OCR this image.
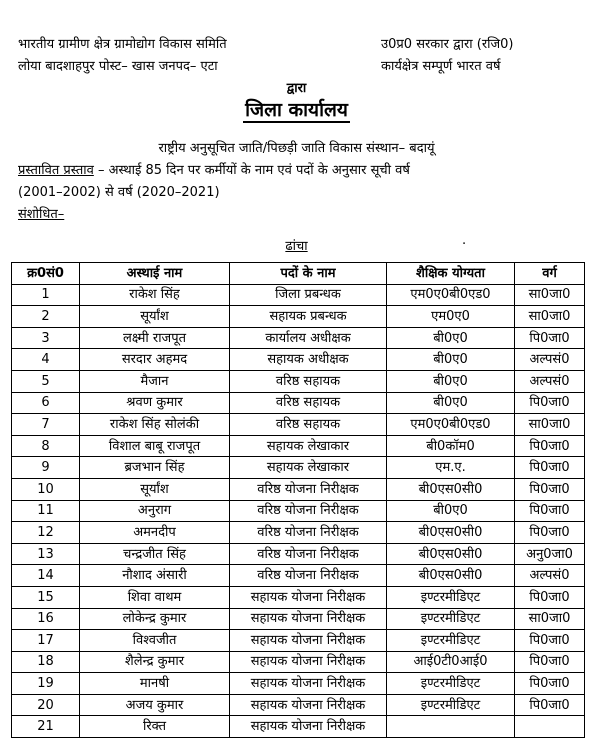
भारतीय ग्रामीण क्षेत्र ग्रामोद्योग विकास समिति
लोया बादशाहपुर पोस्ट– खास जनपद– एटा
उ0प्र0 सरकार द्वारा (रजि0)
कार्यक्षेत्र सम्पूर्ण भारत वर्ष
द्वारा
जिला कार्यालय
राष्ट्रीय अनुसूचित जाति/पिछड़ी जाति विकास संस्थान– बदायूं
प्रस्तावित प्रस्ताव – अस्थाई 85 दिन पर कर्मीयों के नाम एवं पदों के अनुसार सूची वर्ष
(2001–2002) से वर्ष (2020–2021)
संशोधित–
ढांचा	.
क्र0सं0	अस्थाई नाम	पदों के नाम	शैक्षिक योग्यता	वर्ग
1	राकेश सिंह	जिला प्रबन्धक	एम0ए0बी0एड0	सा0जा0
2	सूर्यांश	सहायक प्रबन्धक	एम0ए0	सा0जा0
3	लक्ष्मी राजपूत	कार्यालय अधीक्षक	बी0ए0	पि0जा0
4	सरदार अहमद	सहायक अधीक्षक	बी0ए0	अल्पसं0
5	मैजान	वरिष्ठ सहायक	बी0ए0	अल्पसं0
6	श्रवण कुमार	वरिष्ठ सहायक	बी0ए0	पि0जा0
7	राकेश सिंह सोलंकी	वरिष्ठ सहायक	एम0ए0बी0एड0	सा0जा0
8	विशाल बाबू राजपूत	सहायक लेखाकार	बी0कॉम0	पि0जा0
9	ब्रजभान सिंह	सहायक लेखाकार	एम.ए.	पि0जा0
10	सूर्यांश	वरिष्ठ योजना निरीक्षक	बी0एस0सी0	पि0जा0
11	अनुराग	वरिष्ठ योजना निरीक्षक	बी0ए0	पि0जा0
12	अमनदीप	वरिष्ठ योजना निरीक्षक	बी0एस0सी0	पि0जा0
13	चन्द्रजीत सिंह	वरिष्ठ योजना निरीक्षक	बी0एस0सी0	अनु0जा0
14	नौशाद अंसारी	वरिष्ठ योजना निरीक्षक	बी0एस0सी0	अल्पसं0
15	शिवा वाथम	सहायक योजना निरीक्षक	इण्टरमीडिएट	पि0जा0
16	लोकेन्द्र कुमार	सहायक योजना निरीक्षक	इण्टरमीडिएट	सा0जा0
17	विश्वजीत	सहायक योजना निरीक्षक	इण्टरमीडिएट	पि0जा0
18	शैलेन्द्र कुमार	सहायक योजना निरीक्षक	आई0टी0आई0	पि0जा0
19	मानषी	सहायक योजना निरीक्षक	इण्टरमीडिएट	पि0जा0
20	अजय कुमार	सहायक योजना निरीक्षक	इण्टरमीडिएट	पि0जा0
21	रिक्त	सहायक योजना निरीक्षक		
